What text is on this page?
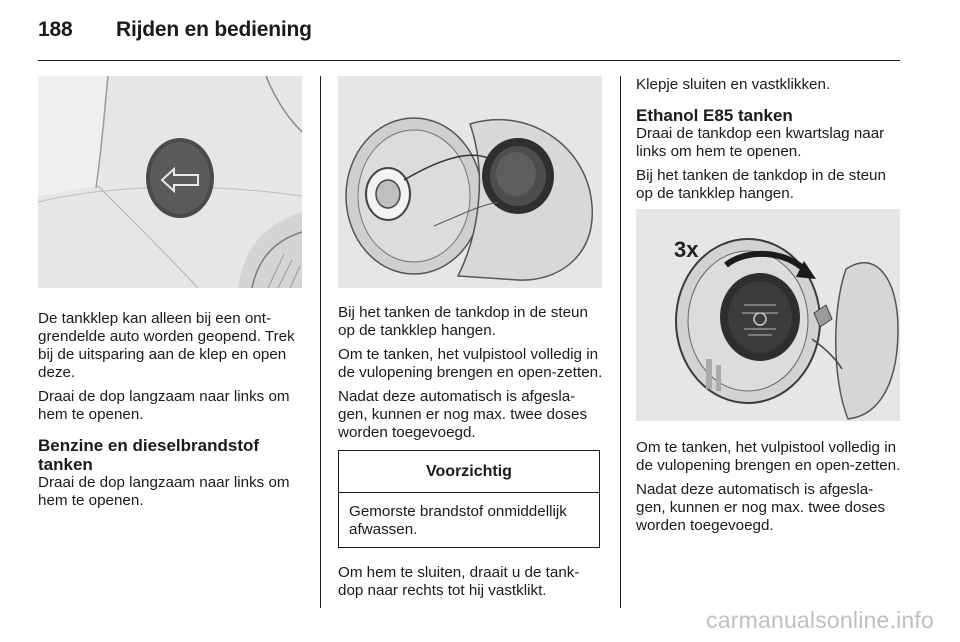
188 Rijden en bediening

De tankklep kan alleen bij een ont-grendelde auto worden geopend. Trek bij de uitsparing aan de klep en open deze.

Draai de dop langzaam naar links om hem te openen.

Benzine en dieselbrandstof tanken

Draai de dop langzaam naar links om hem te openen.

Bij het tanken de tankdop in de steun op de tankklep hangen.

Om te tanken, het vulpistool volledig in de vulopening brengen en open-zetten.

Nadat deze automatisch is afgesla-gen, kunnen er nog max. twee doses worden toegevoegd.

Voorzichtig
Gemorste brandstof onmiddellijk afwassen.

Om hem te sluiten, draait u de tank-dop naar rechts tot hij vastklikt.

Klepje sluiten en vastklikken.

Ethanol E85 tanken

Draai de tankdop een kwartslag naar links om hem te openen.

Bij het tanken de tankdop in de steun op de tankklep hangen.

3x

Om te tanken, het vulpistool volledig in de vulopening brengen en open-zetten.

Nadat deze automatisch is afgesla-gen, kunnen er nog max. twee doses worden toegevoegd.

carmanualsonline.info
